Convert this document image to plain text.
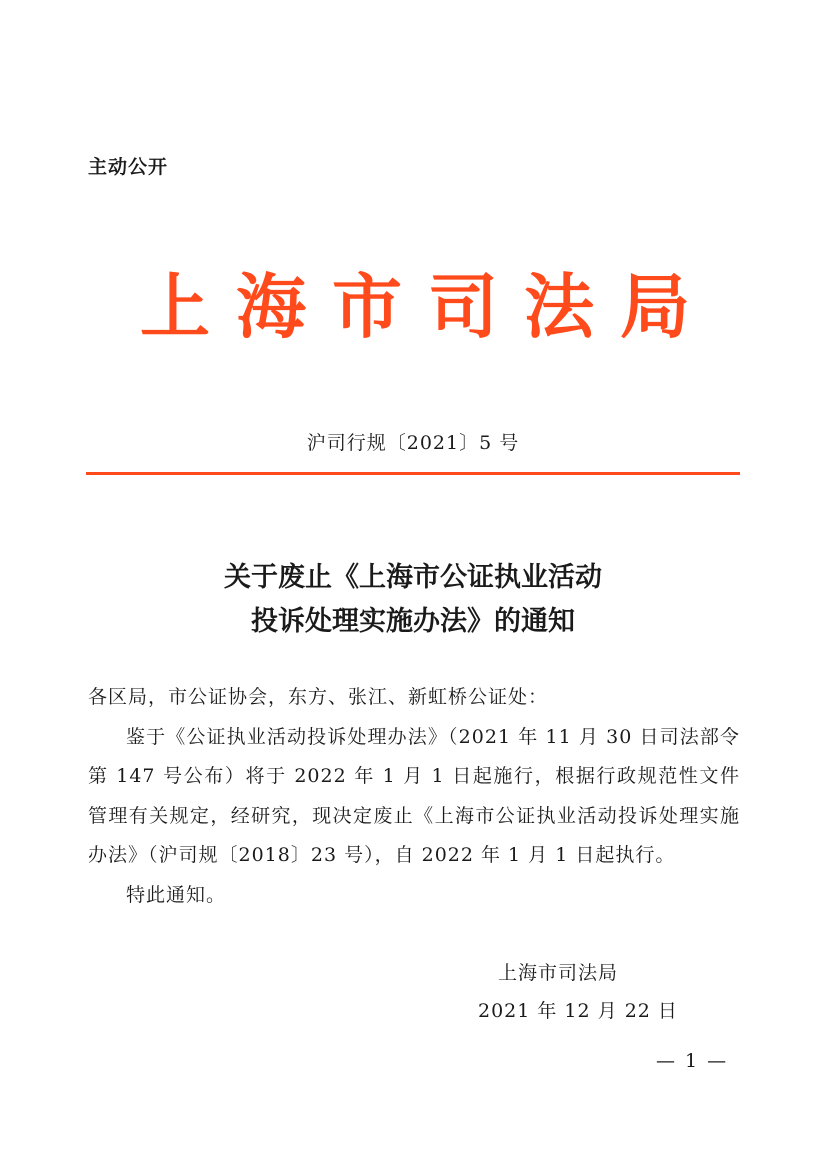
主动公开
上 海 市 司 法 局
沪司行规〔2021〕5 号
关于废止《上海市公证执业活动
投诉处理实施办法》的通知

各区局，市公证协会，东方、张江、新虹桥公证处：

鉴于《公证执业活动投诉处理办法》（2021 年 11 月 30 日司法部令第 147 号公布）将于 2022 年 1 月 1 日起施行，根据行政规范性文件管理有关规定，经研究，现决定废止《上海市公证执业活动投诉处理实施办法》（沪司规〔2018〕23 号），自 2022 年 1 月 1 日起执行。

特此通知。

上海市司法局
2021 年 12 月 22 日
— 1 —
